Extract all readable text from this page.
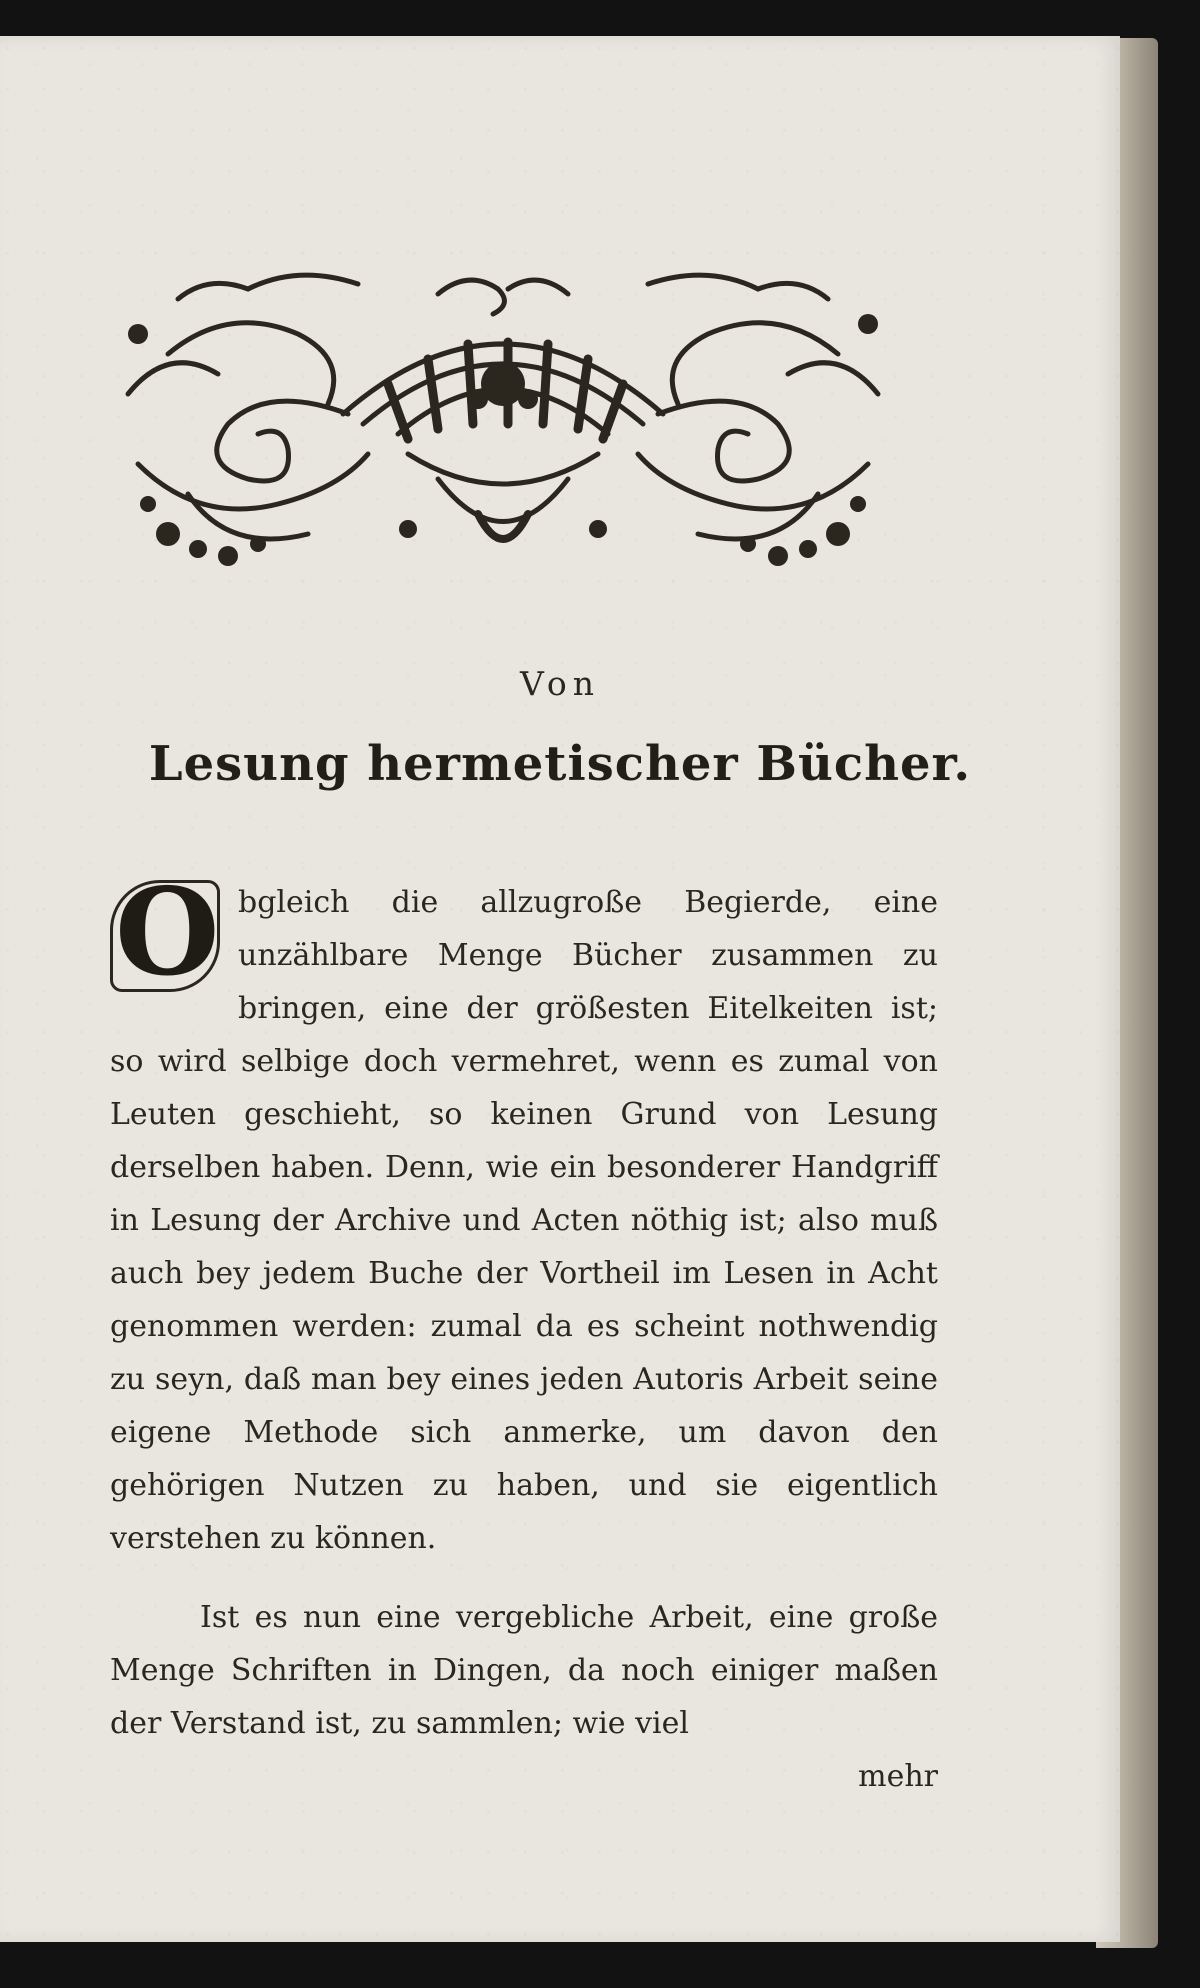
Von
Lesung hermetischer Bücher.

O bgleich die allzugroße Begierde, eine unzählbare Menge Bücher zusammen zu bringen, eine der größesten Eitelkeiten ist; so wird selbige doch vermehret, wenn es zumal von Leuten geschieht, so keinen Grund von Lesung derselben haben. Denn, wie ein besonderer Handgriff in Lesung der Archive und Acten nöthig ist; also muß auch bey jedem Buche der Vortheil im Lesen in Acht genommen werden: zumal da es scheint nothwendig zu seyn, daß man bey eines jeden Autoris Arbeit seine eigene Methode sich anmerke, um davon den gehörigen Nutzen zu haben, und sie eigentlich verstehen zu können.

Ist es nun eine vergebliche Arbeit, eine große Menge Schriften in Dingen, da noch einiger maßen der Verstand ist, zu sammlen; wie viel

mehr
